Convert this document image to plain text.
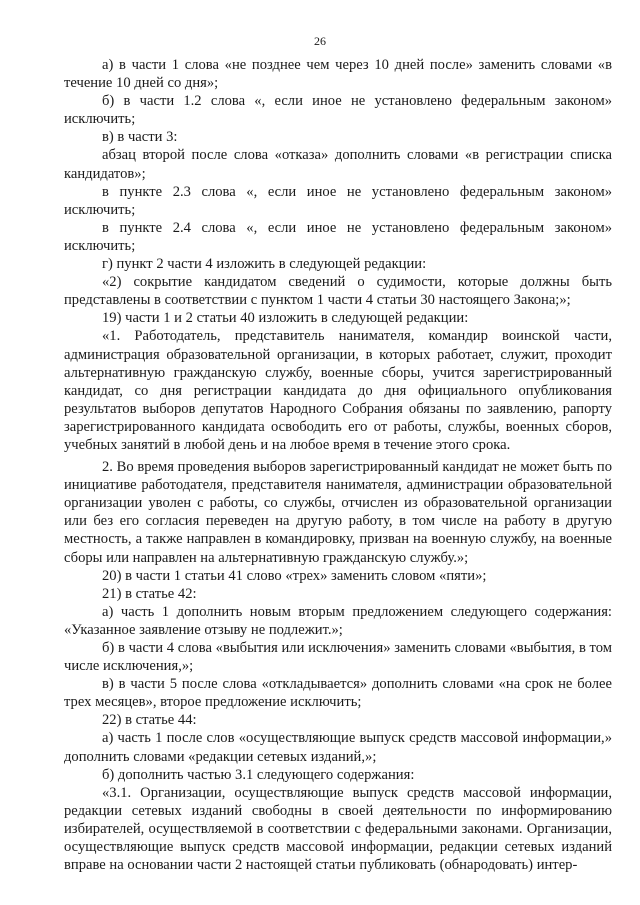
26

а) в части 1 слова «не позднее чем через 10 дней после» заменить словами «в течение 10 дней со дня»;

б) в части 1.2 слова «, если иное не установлено федеральным законом» исключить;

в) в части 3:

абзац второй после слова «отказа» дополнить словами «в регистрации списка кандидатов»;

в пункте 2.3 слова «, если иное не установлено федеральным законом» исключить;

в пункте 2.4 слова «, если иное не установлено федеральным законом» исключить;

г) пункт 2 части 4 изложить в следующей редакции:

«2) сокрытие кандидатом сведений о судимости, которые должны быть представлены в соответствии с пунктом 1 части 4 статьи 30 настоящего Закона;»;

19) части 1 и 2 статьи 40 изложить в следующей редакции:

«1. Работодатель, представитель нанимателя, командир воинской части, администрация образовательной организации, в которых работает, служит, проходит альтернативную гражданскую службу, военные сборы, учится зарегистрированный кандидат, со дня регистрации кандидата до дня официального опубликования результатов выборов депутатов Народного Собрания обязаны по заявлению, рапорту зарегистрированного кандидата освободить его от работы, службы, военных сборов, учебных занятий в любой день и на любое время в течение этого срока.

2. Во время проведения выборов зарегистрированный кандидат не может быть по инициативе работодателя, представителя нанимателя, администрации образовательной организации уволен с работы, со службы, отчислен из образовательной организации или без его согласия переведен на другую работу, в том числе на работу в другую местность, а также направлен в командировку, призван на военную службу, на военные сборы или направлен на альтернативную гражданскую службу.»;

20) в части 1 статьи 41 слово «трех» заменить словом «пяти»;

21) в статье 42:

а) часть 1 дополнить новым вторым предложением следующего содержания: «Указанное заявление отзыву не подлежит.»;

б) в части 4 слова «выбытия или исключения» заменить словами «выбытия, в том числе исключения,»;

в) в части 5 после слова «откладывается» дополнить словами «на срок не более трех месяцев», второе предложение исключить;

22) в статье 44:

а) часть 1 после слов «осуществляющие выпуск средств массовой информации,» дополнить словами «редакции сетевых изданий,»;

б) дополнить частью 3.1 следующего содержания:

«3.1. Организации, осуществляющие выпуск средств массовой информации, редакции сетевых изданий свободны в своей деятельности по информированию избирателей, осуществляемой в соответствии с федеральными законами. Организации, осуществляющие выпуск средств массовой информации, редакции сетевых изданий вправе на основании части 2 настоящей статьи публиковать (обнародовать) интер-
